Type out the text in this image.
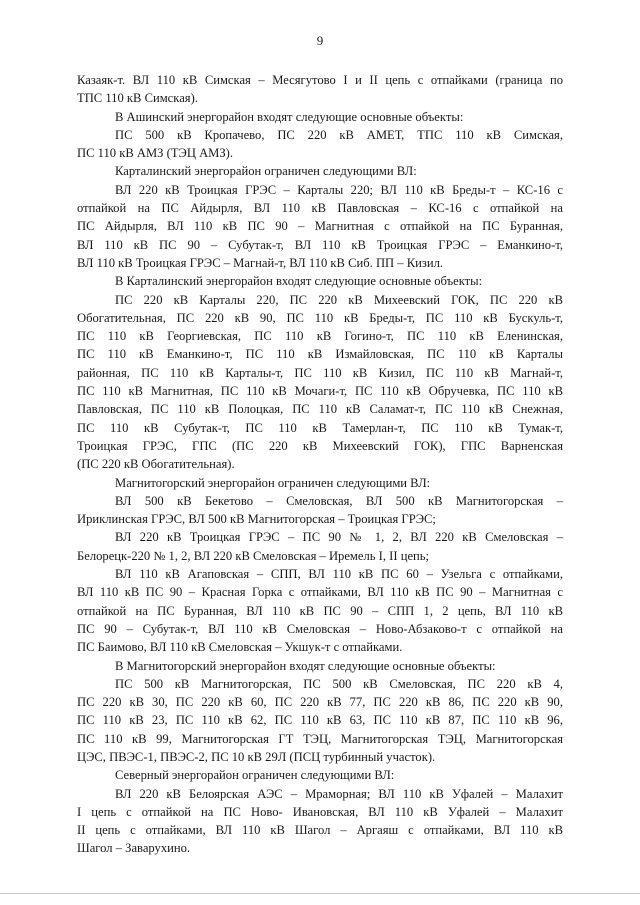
9
Казаяк-т. ВЛ 110 кВ Симская – Месягутово I и II цепь с отпайками (граница по
ТПС 110 кВ Симская).
В Ашинский энергорайон входят следующие основные объекты:
ПС 500 кВ Кропачево, ПС 220 кВ АМЕТ, ТПС 110 кВ Симская,
ПС 110 кВ АМЗ (ТЭЦ АМЗ).
Карталинский энергорайон ограничен следующими ВЛ:
ВЛ 220 кВ Троицкая ГРЭС – Карталы 220; ВЛ 110 кВ Бреды-т – КС-16 с
отпайкой на ПС Айдырля, ВЛ 110 кВ Павловская – КС-16 с отпайкой на
ПС Айдырля, ВЛ 110 кВ ПС 90 – Магнитная с отпайкой на ПС Буранная,
ВЛ 110 кВ ПС 90 – Субутак-т, ВЛ 110 кВ Троицкая ГРЭС – Еманкино-т,
ВЛ 110 кВ Троицкая ГРЭС – Магнай-т, ВЛ 110 кВ Сиб. ПП – Кизил.
В Карталинский энергорайон входят следующие основные объекты:
ПС 220 кВ Карталы 220, ПС 220 кВ Михеевский ГОК, ПС 220 кВ
Обогатительная, ПС 220 кВ 90, ПС 110 кВ Бреды-т, ПС 110 кВ Бускуль-т,
ПС 110 кВ Георгиевская, ПС 110 кВ Гогино-т, ПС 110 кВ Еленинская,
ПС 110 кВ Еманкино-т, ПС 110 кВ Измайловская, ПС 110 кВ Карталы
районная, ПС 110 кВ Карталы-т, ПС 110 кВ Кизил, ПС 110 кВ Магнай-т,
ПС 110 кВ Магнитная, ПС 110 кВ Мочаги-т, ПС 110 кВ Обручевка, ПС 110 кВ
Павловская, ПС 110 кВ Полоцкая, ПС 110 кВ Саламат-т, ПС 110 кВ Снежная,
ПС 110 кВ Субутак-т, ПС 110 кВ Тамерлан-т, ПС 110 кВ Тумак-т,
Троицкая ГРЭС, ГПС (ПС 220 кВ Михеевский ГОК), ГПС Варненская
(ПС 220 кВ Обогатительная).
Магнитогорский энергорайон ограничен следующими ВЛ:
ВЛ 500 кВ Бекетово – Смеловская, ВЛ 500 кВ Магнитогорская –
Ириклинская ГРЭС, ВЛ 500 кВ Магнитогорская – Троицкая ГРЭС;
ВЛ 220 кВ Троицкая ГРЭС – ПС 90 № 1, 2, ВЛ 220 кВ Смеловская –
Белорецк-220 № 1, 2, ВЛ 220 кВ Смеловская – Иремель I, II цепь;
ВЛ 110 кВ Агаповская – СПП, ВЛ 110 кВ ПС 60 – Узельга с отпайками,
ВЛ 110 кВ ПС 90 – Красная Горка с отпайками, ВЛ 110 кВ ПС 90 – Магнитная с
отпайкой на ПС Буранная, ВЛ 110 кВ ПС 90 – СПП 1, 2 цепь, ВЛ 110 кВ
ПС 90 – Субутак-т, ВЛ 110 кВ Смеловская – Ново-Абзаково-т с отпайкой на
ПС Баимово, ВЛ 110 кВ Смеловская – Укшук-т с отпайками.
В Магнитогорский энергорайон входят следующие основные объекты:
ПС 500 кВ Магнитогорская, ПС 500 кВ Смеловская, ПС 220 кВ 4,
ПС 220 кВ 30, ПС 220 кВ 60, ПС 220 кВ 77, ПС 220 кВ 86, ПС 220 кВ 90,
ПС 110 кВ 23, ПС 110 кВ 62, ПС 110 кВ 63, ПС 110 кВ 87, ПС 110 кВ 96,
ПС 110 кВ 99, Магнитогорская ГТ ТЭЦ, Магнитогорская ТЭЦ, Магнитогорская
ЦЭС, ПВЭС-1, ПВЭС-2, ПС 10 кВ 29Л (ПСЦ турбинный участок).
Северный энергорайон ограничен следующими ВЛ:
ВЛ 220 кВ Белоярская АЭС – Мраморная; ВЛ 110 кВ Уфалей – Малахит
I цепь с отпайкой на ПС Ново- Ивановская, ВЛ 110 кВ Уфалей – Малахит
II цепь с отпайками, ВЛ 110 кВ Шагол – Аргаяш с отпайками, ВЛ 110 кВ
Шагол – Заварухино.
